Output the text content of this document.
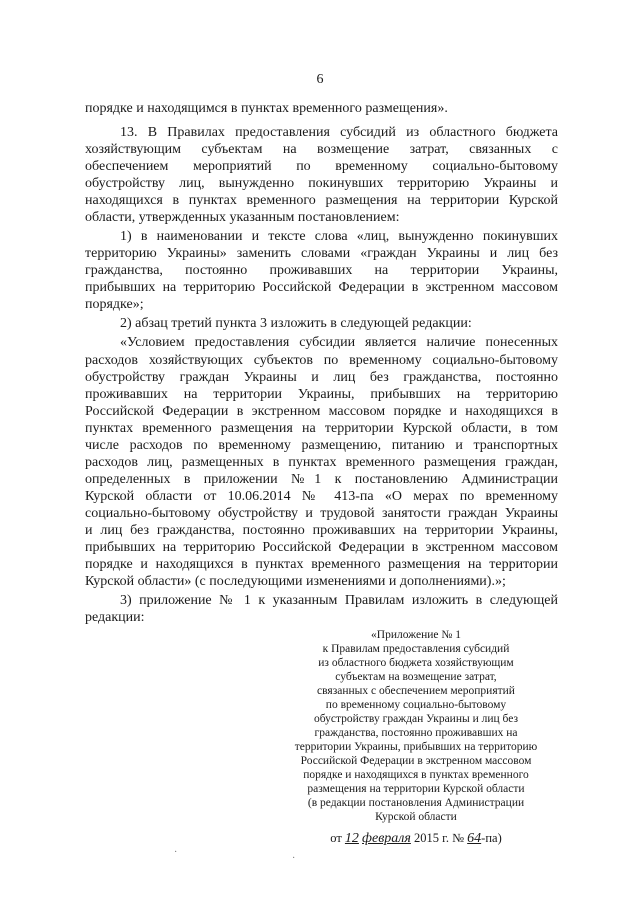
6
порядке и находящимся в пунктах временного размещения».
13. В Правилах предоставления субсидий из областного бюджета
хозяйствующим субъектам на возмещение затрат, связанных с
обеспечением мероприятий по временному социально-бытовому
обустройству лиц, вынужденно покинувших территорию Украины и
находящихся в пунктах временного размещения на территории Курской
области, утвержденных указанным постановлением:
1) в наименовании и тексте слова «лиц, вынужденно покинувших
территорию Украины» заменить словами «граждан Украины и лиц без
гражданства, постоянно проживавших на территории Украины,
прибывших на территорию Российской Федерации в экстренном массовом
порядке»;
2) абзац третий пункта 3 изложить в следующей редакции:
«Условием предоставления субсидии является наличие понесенных
расходов хозяйствующих субъектов по временному социально-бытовому
обустройству граждан Украины и лиц без гражданства, постоянно
проживавших на территории Украины, прибывших на территорию
Российской Федерации в экстренном массовом порядке и находящихся в
пунктах временного размещения на территории Курской области, в том
числе расходов по временному размещению, питанию и транспортных
расходов лиц, размещенных в пунктах временного размещения граждан,
определенных в приложении №1 к постановлению Администрации
Курской области от 10.06.2014 № 413-па «О мерах по временному
социально-бытовому обустройству и трудовой занятости граждан Украины
и лиц без гражданства, постоянно проживавших на территории Украины,
прибывших на территорию Российской Федерации в экстренном массовом
порядке и находящихся в пунктах временного размещения на территории
Курской области» (с последующими изменениями и дополнениями).»;
3) приложение № 1 к указанным Правилам изложить в следующей
редакции:
«Приложение № 1
к Правилам предоставления субсидий
из областного бюджета хозяйствующим
субъектам на возмещение затрат,
связанных с обеспечением мероприятий
по временному социально-бытовому
обустройству граждан Украины и лиц без
гражданства, постоянно проживавших на
территории Украины, прибывших на территорию
Российской Федерации в экстренном массовом
порядке и находящихся в пунктах временного
размещения на территории Курской области
(в редакции постановления Администрации
Курской области
от 12 февраля 2015 г. № 64-па)
·
·
